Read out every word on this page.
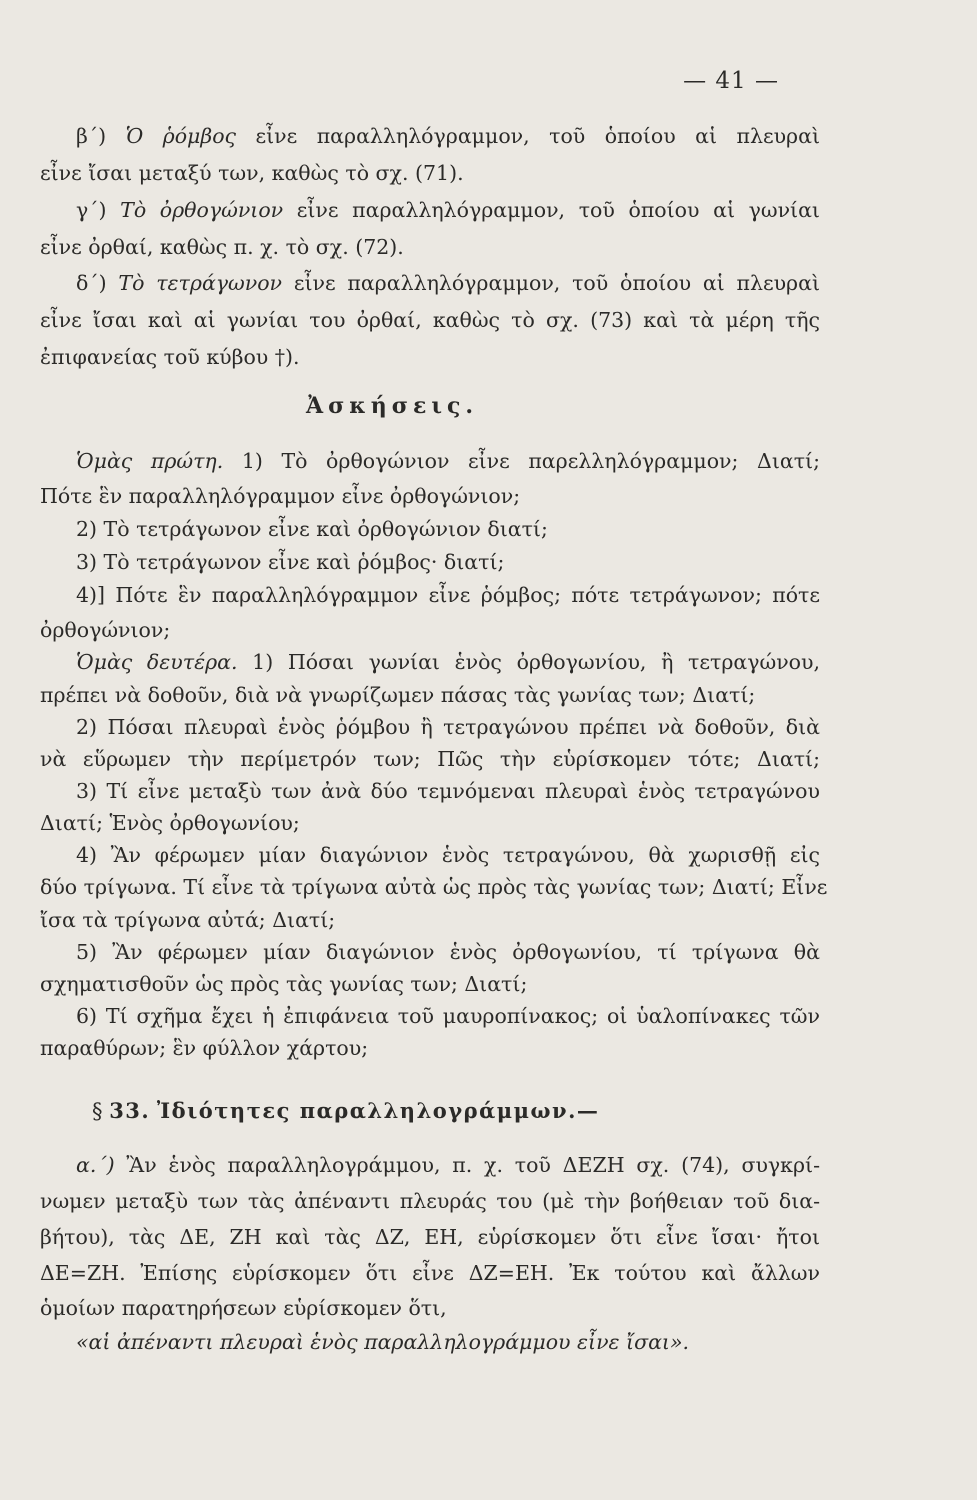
— 41 —
β΄) Ὁ ῥόμβος εἶνε παραλληλόγραμμον, τοῦ ὁποίου αἱ πλευραὶ
εἶνε ἴσαι μεταξύ των, καθὼς τὸ σχ. (71).
γ΄) Τὸ ὀρθογώνιον εἶνε παραλληλόγραμμον, τοῦ ὁποίου αἱ γωνίαι
εἶνε ὀρθαί, καθὼς π. χ. τὸ σχ. (72).
δ΄) Τὸ τετράγωνον εἶνε παραλληλόγραμμον, τοῦ ὁποίου αἱ πλευραὶ
εἶνε ἴσαι καὶ αἱ γωνίαι του ὀρθαί, καθὼς τὸ σχ. (73) καὶ τὰ μέρη τῆς
ἐπιφανείας τοῦ κύβου †).
Ἀσκήσεις.
Ὁμὰς πρώτη. 1) Τὸ ὀρθογώνιον εἶνε παρελληλόγραμμον; Διατί;
Πότε ἓν παραλληλόγραμμον εἶνε ὀρθογώνιον;
2) Τὸ τετράγωνον εἶνε καὶ ὀρθογώνιον διατί;
3) Τὸ τετράγωνον εἶνε καὶ ῥόμβος· διατί;
4)] Πότε ἓν παραλληλόγραμμον εἶνε ῥόμβος; πότε τετράγωνον; πότε
ὀρθογώνιον;
Ὁμὰς δευτέρα. 1) Πόσαι γωνίαι ἑνὸς ὀρθογωνίου, ἢ τετραγώνου,
πρέπει νὰ δοθοῦν, διὰ νὰ γνωρίζωμεν πάσας τὰς γωνίας των; Διατί;
2) Πόσαι πλευραὶ ἑνὸς ῥόμβου ἢ τετραγώνου πρέπει νὰ δοθοῦν, διὰ
νὰ εὕρωμεν τὴν περίμετρόν των; Πῶς τὴν εὑρίσκομεν τότε; Διατί;
3) Τί εἶνε μεταξὺ των ἀνὰ δύο τεμνόμεναι πλευραὶ ἑνὸς τετραγώνου
Διατί; Ἑνὸς ὀρθογωνίου;
4) Ἂν φέρωμεν μίαν διαγώνιον ἑνὸς τετραγώνου, θὰ χωρισθῇ εἰς
δύο τρίγωνα. Τί εἶνε τὰ τρίγωνα αὐτὰ ὡς πρὸς τὰς γωνίας των; Διατί; Εἶνε
ἴσα τὰ τρίγωνα αὐτά; Διατί;
5) Ἂν φέρωμεν μίαν διαγώνιον ἑνὸς ὀρθογωνίου, τί τρίγωνα θὰ
σχηματισθοῦν ὡς πρὸς τὰς γωνίας των; Διατί;
6) Τί σχῆμα ἔχει ἡ ἐπιφάνεια τοῦ μαυροπίνακος; οἱ ὑαλοπίνακες τῶν
παραθύρων; ἓν φύλλον χάρτου;
§ 33. Ἰδιότητες παραλληλογράμμων.—
α.΄) Ἂν ἑνὸς παραλληλογράμμου, π. χ. τοῦ ΔΕΖΗ σχ. (74), συγκρί-
νωμεν μεταξὺ των τὰς ἀπέναντι πλευράς του (μὲ τὴν βοήθειαν τοῦ δια-
βήτου), τὰς ΔΕ, ΖΗ καὶ τὰς ΔΖ, ΕΗ, εὑρίσκομεν ὅτι εἶνε ἴσαι· ἤτοι
ΔΕ=ΖΗ. Ἐπίσης εὑρίσκομεν ὅτι εἶνε ΔΖ=ΕΗ. Ἐκ τούτου καὶ ἄλλων
ὁμοίων παρατηρήσεων εὑρίσκομεν ὅτι,
«αἱ ἀπέναντι πλευραὶ ἑνὸς παραλληλογράμμου εἶνε ἴσαι».
